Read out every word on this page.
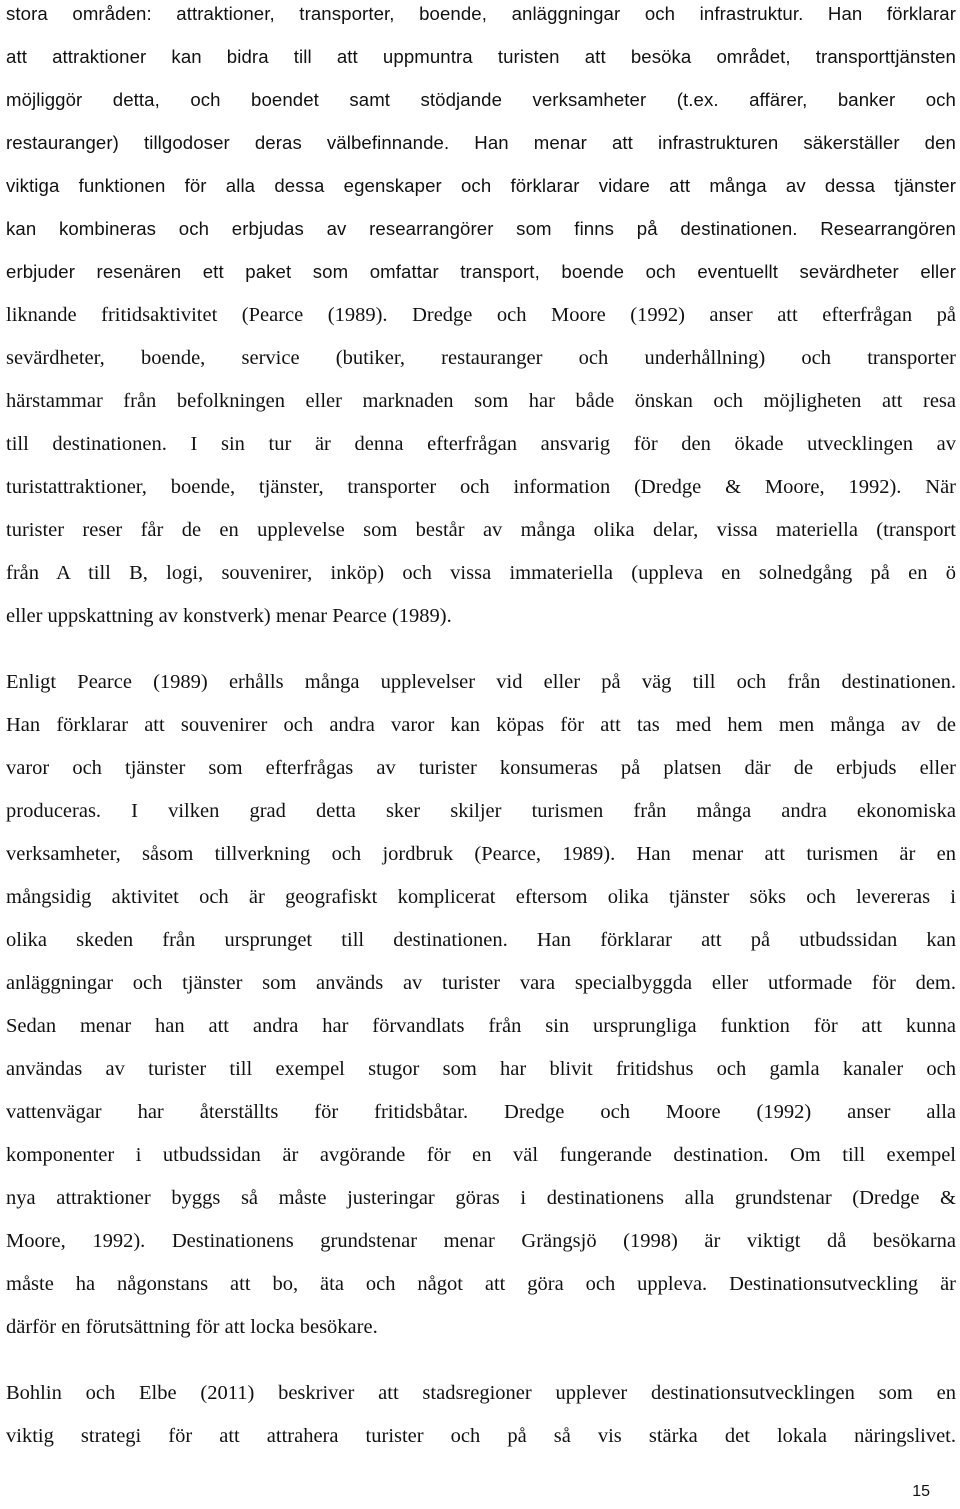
stora områden: attraktioner, transporter, boende, anläggningar och infrastruktur. Han förklarar
att attraktioner kan bidra till att uppmuntra turisten att besöka området, transporttjänsten
möjliggör detta, och boendet samt stödjande verksamheter (t.ex. affärer, banker och
restauranger) tillgodoser deras välbefinnande. Han menar att infrastrukturen säkerställer den
viktiga funktionen för alla dessa egenskaper och förklarar vidare att många av dessa tjänster
kan kombineras och erbjudas av researrangörer som finns på destinationen. Researrangören
erbjuder resenären ett paket som omfattar transport, boende och eventuellt sevärdheter eller
liknande fritidsaktivitet (Pearce (1989). Dredge och Moore (1992) anser att efterfrågan på
sevärdheter, boende, service (butiker, restauranger och underhållning) och transporter
härstammar från befolkningen eller marknaden som har både önskan och möjligheten att resa
till destinationen. I sin tur är denna efterfrågan ansvarig för den ökade utvecklingen av
turistattraktioner, boende, tjänster, transporter och information (Dredge & Moore, 1992). När
turister reser får de en upplevelse som består av många olika delar, vissa materiella (transport
från A till B, logi, souvenirer, inköp) och vissa immateriella (uppleva en solnedgång på en ö
eller uppskattning av konstverk) menar Pearce (1989).
Enligt Pearce (1989) erhålls många upplevelser vid eller på väg till och från destinationen.
Han förklarar att souvenirer och andra varor kan köpas för att tas med hem men många av de
varor och tjänster som efterfrågas av turister konsumeras på platsen där de erbjuds eller
produceras. I vilken grad detta sker skiljer turismen från många andra ekonomiska
verksamheter, såsom tillverkning och jordbruk (Pearce, 1989). Han menar att turismen är en
mångsidig aktivitet och är geografiskt komplicerat eftersom olika tjänster söks och levereras i
olika skeden från ursprunget till destinationen. Han förklarar att på utbudssidan kan
anläggningar och tjänster som används av turister vara specialbyggda eller utformade för dem.
Sedan menar han att andra har förvandlats från sin ursprungliga funktion för att kunna
användas av turister till exempel stugor som har blivit fritidshus och gamla kanaler och
vattenvägar har återställts för fritidsbåtar. Dredge och Moore (1992) anser alla
komponenter i utbudssidan är avgörande för en väl fungerande destination. Om till exempel
nya attraktioner byggs så måste justeringar göras i destinationens alla grundstenar (Dredge &
Moore, 1992). Destinationens grundstenar menar Grängsjö (1998) är viktigt då besökarna
måste ha någonstans att bo, äta och något att göra och uppleva. Destinationsutveckling är
därför en förutsättning för att locka besökare.
Bohlin och Elbe (2011) beskriver att stadsregioner upplever destinationsutvecklingen som en
viktig strategi för att attrahera turister och på så vis stärka det lokala näringslivet.
15
